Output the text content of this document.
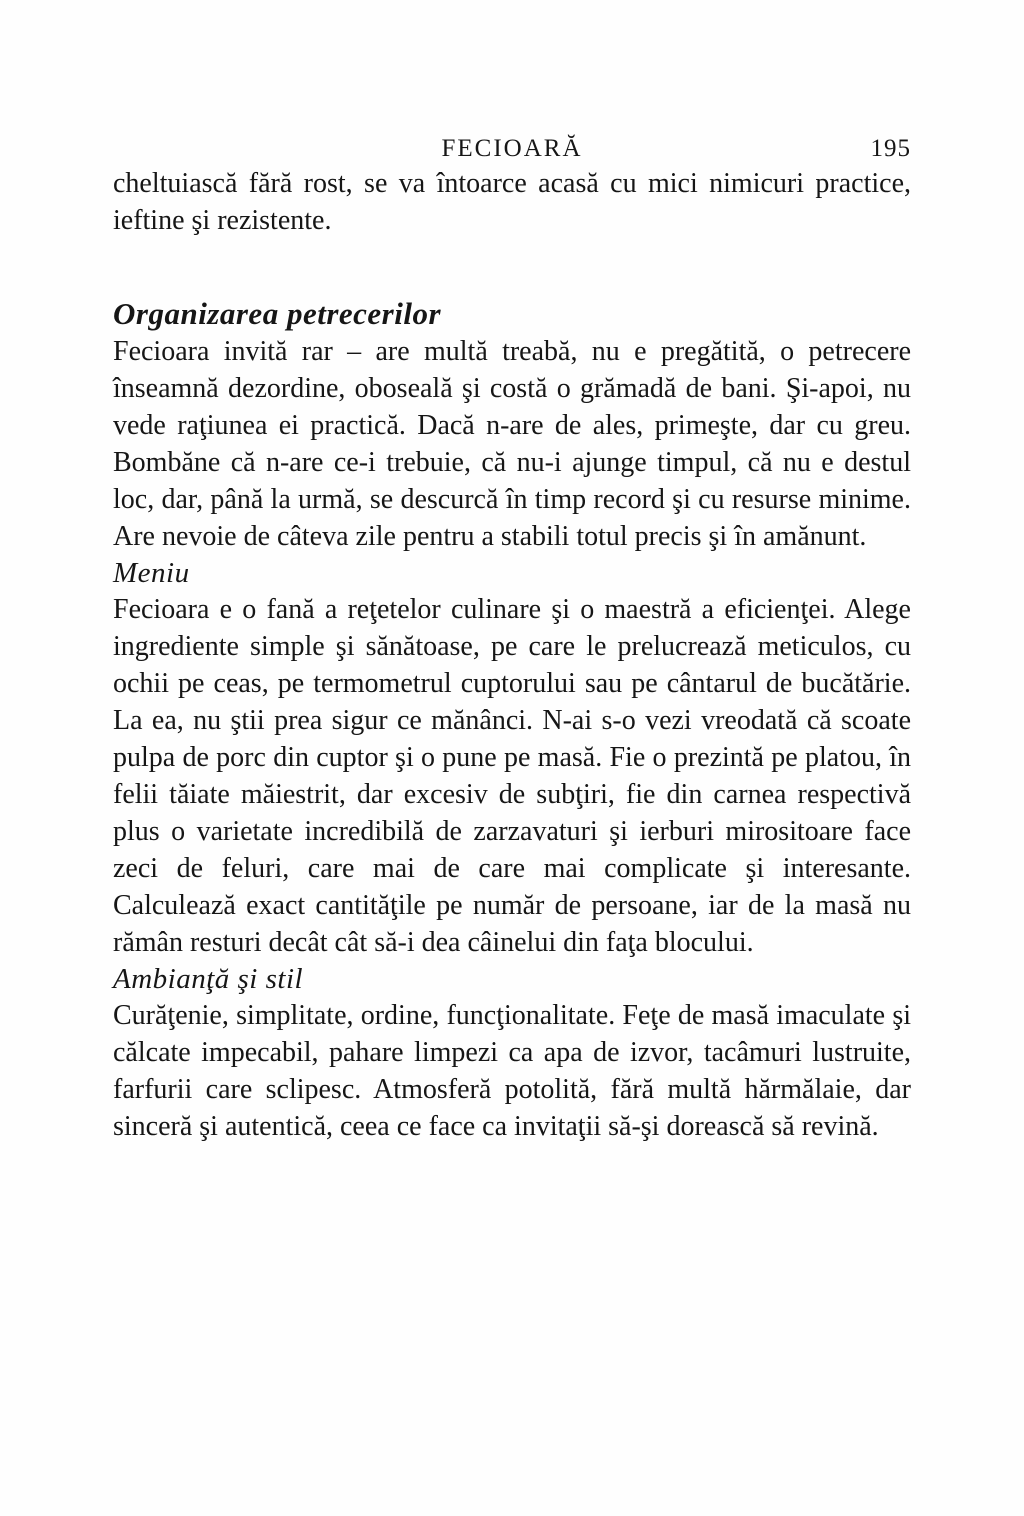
FECIOARĂ	195

cheltuiască fără rost, se va întoarce acasă cu mici nimicuri practice, ieftine şi rezistente.

Organizarea petrecerilor

Fecioara invită rar – are multă treabă, nu e pregătită, o petrecere înseamnă dezordine, oboseală şi costă o grămadă de bani. Şi-apoi, nu vede raţiunea ei practică. Dacă n-are de ales, primeşte, dar cu greu. Bombăne că n-are ce-i trebuie, că nu-i ajunge timpul, că nu e destul loc, dar, până la urmă, se descurcă în timp record şi cu resurse minime. Are nevoie de câteva zile pentru a stabili totul precis şi în amănunt.

Meniu

Fecioara e o fană a reţetelor culinare şi o maestră a eficienţei. Alege ingrediente simple şi sănătoase, pe care le prelucrează meticulos, cu ochii pe ceas, pe termometrul cuptorului sau pe cântarul de bucătărie. La ea, nu ştii prea sigur ce mănânci. N-ai s-o vezi vreodată că scoate pulpa de porc din cuptor şi o pune pe masă. Fie o prezintă pe platou, în felii tăiate măiestrit, dar excesiv de subţiri, fie din carnea respectivă plus o varietate incredibilă de zarzavaturi şi ierburi mirositoare face zeci de feluri, care mai de care mai complicate şi interesante. Calculează exact cantităţile pe număr de persoane, iar de la masă nu rămân resturi decât cât să-i dea câinelui din faţa blocului.

Ambianţă şi stil

Curăţenie, simplitate, ordine, funcţionalitate. Feţe de masă imaculate şi călcate impecabil, pahare limpezi ca apa de izvor, tacâmuri lustruite, farfurii care sclipesc. Atmosferă potolită, fără multă hărmălaie, dar sinceră şi autentică, ceea ce face ca invitaţii să-şi dorească să revină.
